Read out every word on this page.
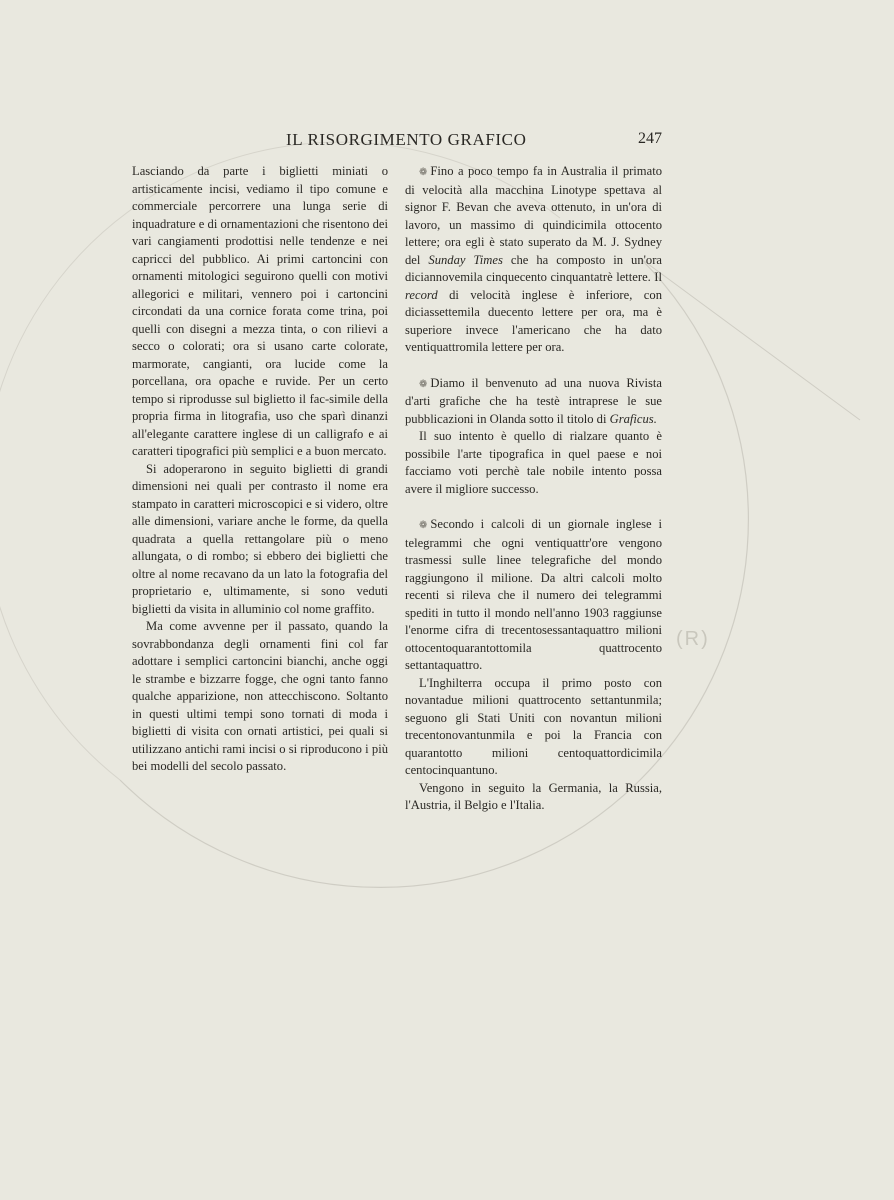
(R)
IL RISORGIMENTO GRAFICO	247

Lasciando da parte i biglietti miniati o artisticamente incisi, vediamo il tipo comune e commerciale percorrere una lunga serie di inquadrature e di ornamentazioni che risentono dei vari cangiamenti prodottisi nelle tendenze e nei capricci del pubblico. Ai primi cartoncini con ornamenti mitologici seguirono quelli con motivi allegorici e militari, vennero poi i cartoncini circondati da una cornice forata come trina, poi quelli con disegni a mezza tinta, o con rilievi a secco o colorati; ora si usano carte colorate, marmorate, cangianti, ora lucide come la porcellana, ora opache e ruvide. Per un certo tempo si riprodusse sul biglietto il fac-simile della propria firma in litografia, uso che sparì dinanzi all'elegante carattere inglese di un calligrafo e ai caratteri tipografici più semplici e a buon mercato.

Si adoperarono in seguito biglietti di grandi dimensioni nei quali per contrasto il nome era stampato in caratteri microscopici e si videro, oltre alle dimensioni, variare anche le forme, da quella quadrata a quella rettangolare più o meno allungata, o di rombo; si ebbero dei biglietti che oltre al nome recavano da un lato la fotografia del proprietario e, ultimamente, si sono veduti biglietti da visita in alluminio col nome graffito.

Ma come avvenne per il passato, quando la sovrabbondanza degli ornamenti fini col far adottare i semplici cartoncini bianchi, anche oggi le strambe e bizzarre fogge, che ogni tanto fanno qualche apparizione, non attecchiscono. Soltanto in questi ultimi tempi sono tornati di moda i biglietti di visita con ornati artistici, pei quali si utilizzano antichi rami incisi o si riproducono i più bei modelli del secolo passato.

❁ Fino a poco tempo fa in Australia il primato di velocità alla macchina Linotype spettava al signor F. Bevan che aveva ottenuto, in un'ora di lavoro, un massimo di quindicimila ottocento lettere; ora egli è stato superato da M. J. Sydney del Sunday Times che ha composto in un'ora diciannovemila cinquecento cinquantatrè lettere. Il record di velocità inglese è inferiore, con diciassettemila duecento lettere per ora, ma è superiore invece l'americano che ha dato ventiquattromila lettere per ora.

❁ Diamo il benvenuto ad una nuova Rivista d'arti grafiche che ha testè intraprese le sue pubblicazioni in Olanda sotto il titolo di Graficus.

Il suo intento è quello di rialzare quanto è possibile l'arte tipografica in quel paese e noi facciamo voti perchè tale nobile intento possa avere il migliore successo.

❁ Secondo i calcoli di un giornale inglese i telegrammi che ogni ventiquattr'ore vengono trasmessi sulle linee telegrafiche del mondo raggiungono il milione. Da altri calcoli molto recenti si rileva che il numero dei telegrammi spediti in tutto il mondo nell'anno 1903 raggiunse l'enorme cifra di trecentosessantaquattro milioni ottocentoquarantottomila quattrocento settantaquattro.

L'Inghilterra occupa il primo posto con novantadue milioni quattrocento settantunmila; seguono gli Stati Uniti con novantun milioni trecentonovantunmila e poi la Francia con quarantotto milioni centoquattordicimila centocinquantuno.

Vengono in seguito la Germania, la Russia, l'Austria, il Belgio e l'Italia.
